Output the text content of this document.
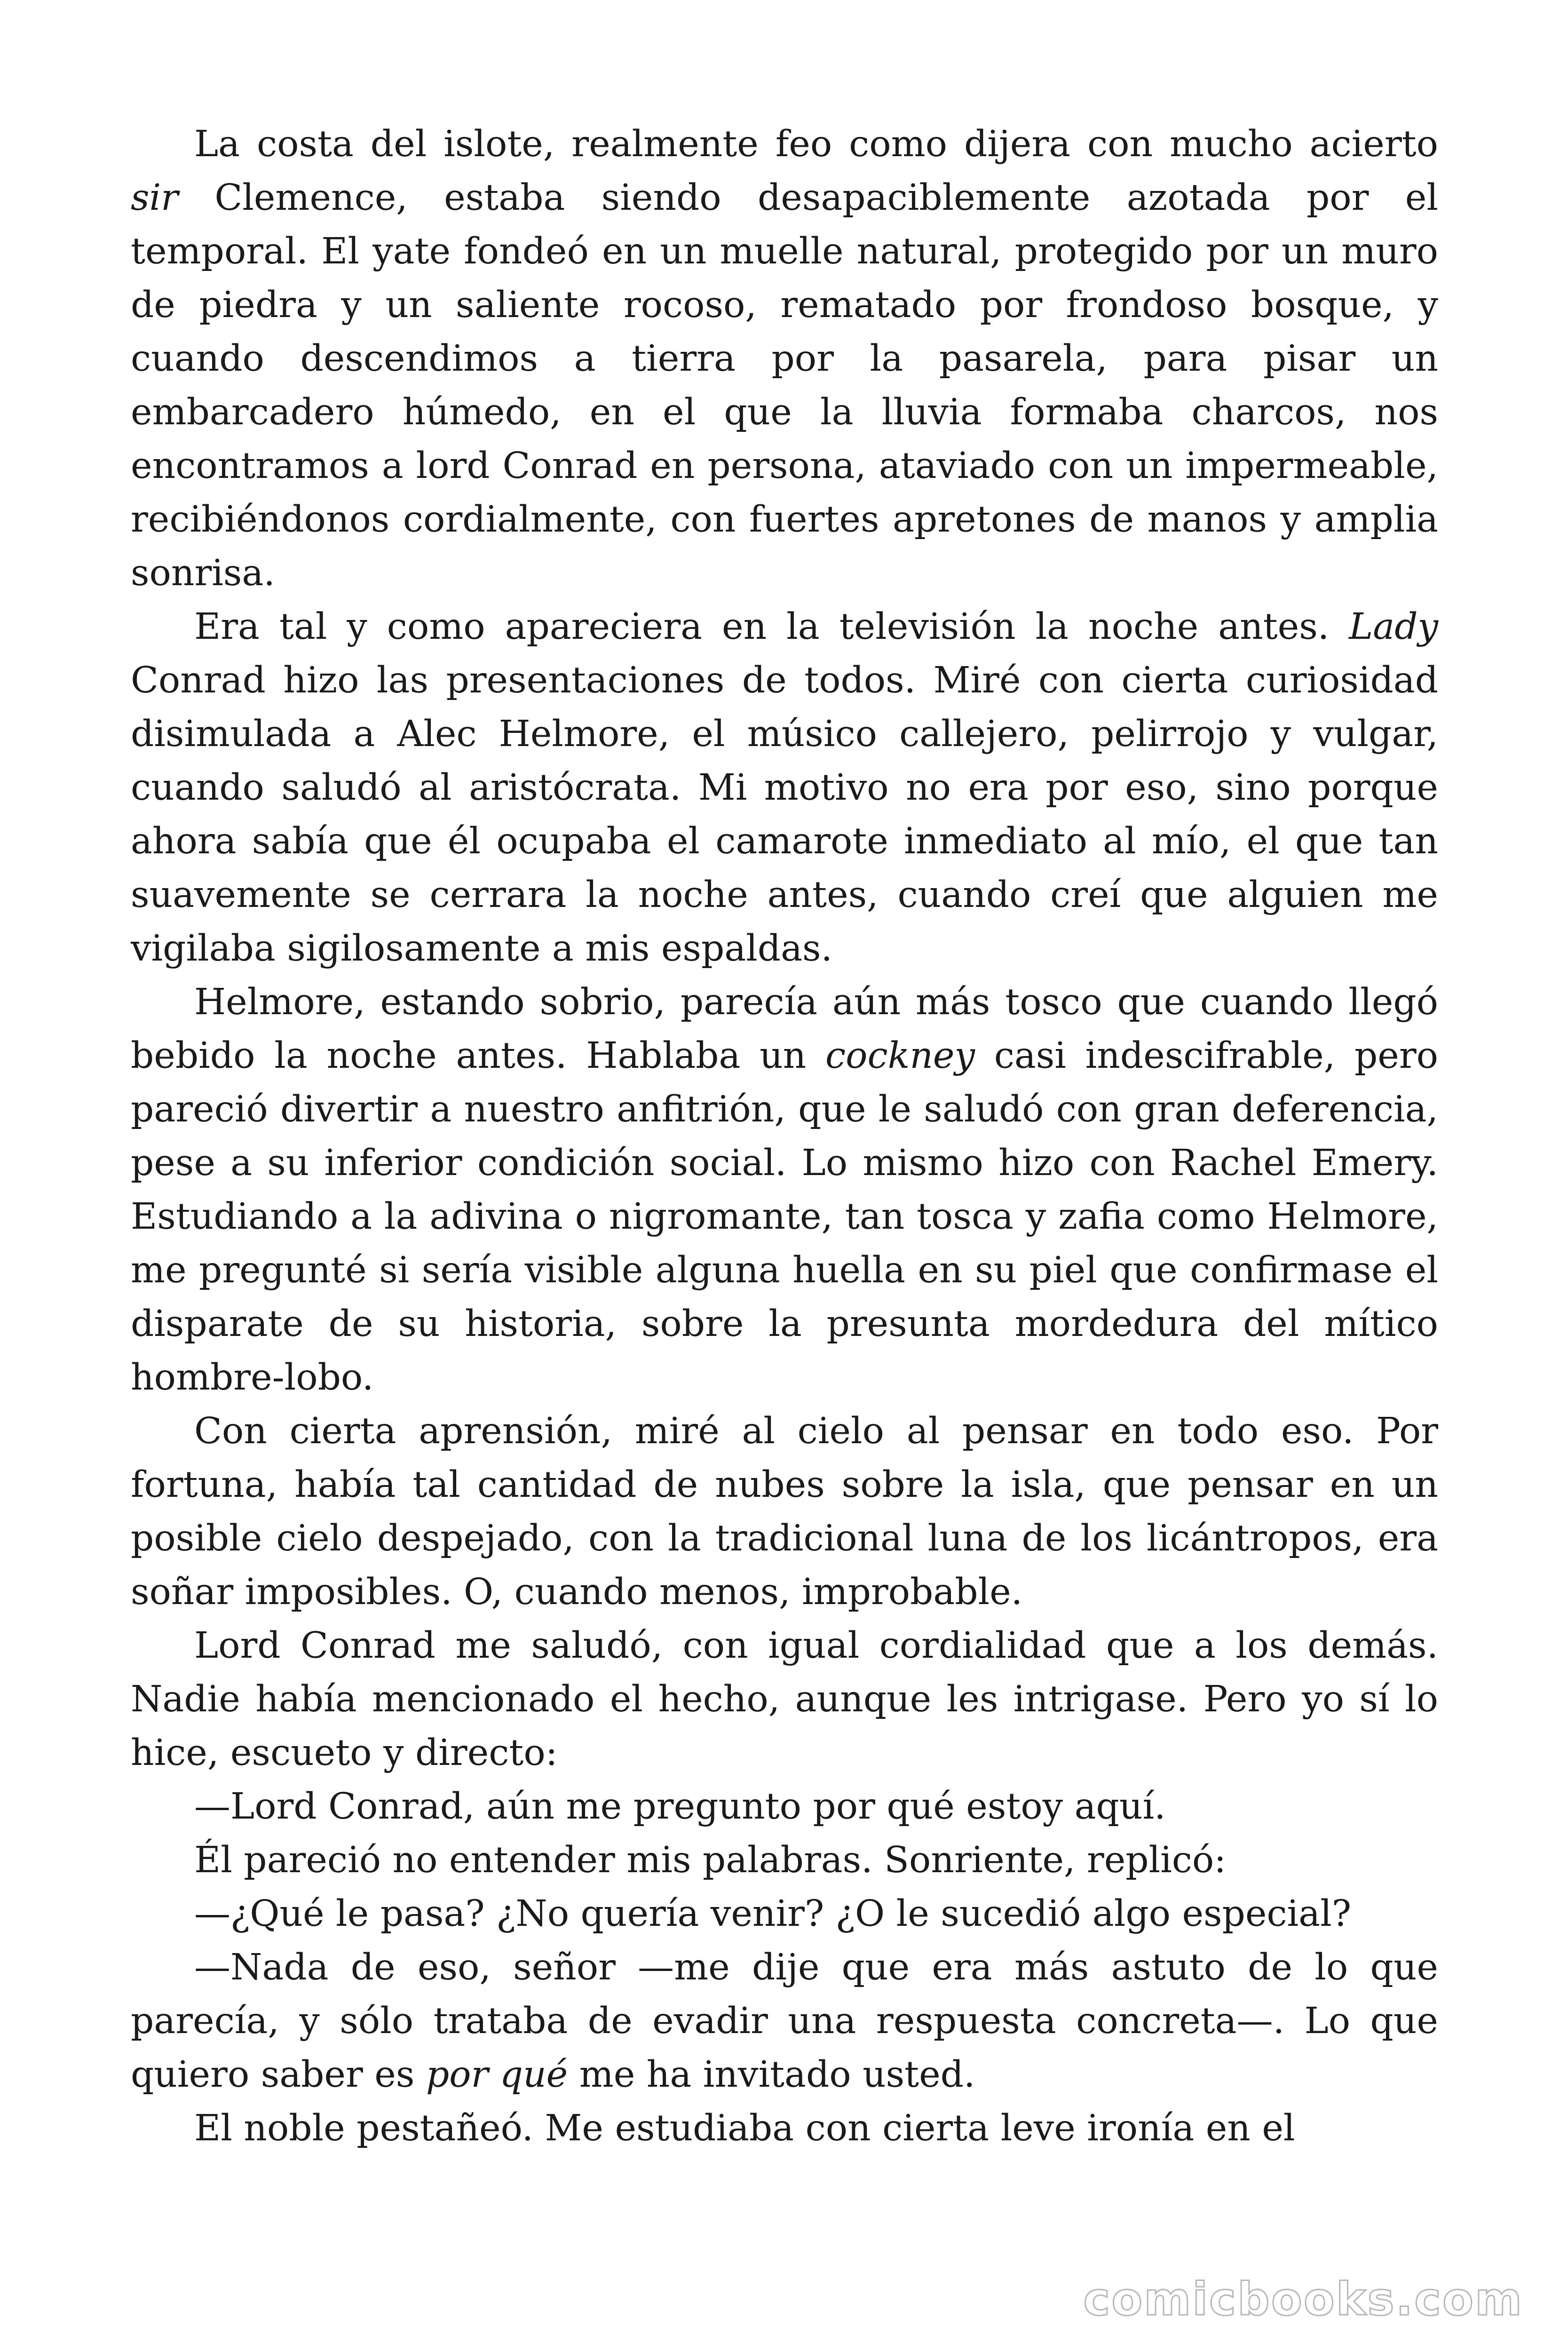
La costa del islote, realmente feo como dijera con mucho acierto sir Clemence, estaba siendo desapaciblemente azotada por el temporal. El yate fondeó en un muelle natural, protegido por un muro de piedra y un saliente rocoso, rematado por frondoso bosque, y cuando descendimos a tierra por la pasarela, para pisar un embarcadero húmedo, en el que la lluvia formaba charcos, nos encontramos a lord Conrad en persona, ataviado con un impermeable, recibiéndonos cordialmente, con fuertes apretones de manos y amplia sonrisa.

Era tal y como apareciera en la televisión la noche antes. Lady Conrad hizo las presentaciones de todos. Miré con cierta curiosidad disimulada a Alec Helmore, el músico callejero, pelirrojo y vulgar, cuando saludó al aristócrata. Mi motivo no era por eso, sino porque ahora sabía que él ocupaba el camarote inmediato al mío, el que tan suavemente se cerrara la noche antes, cuando creí que alguien me vigilaba sigilosamente a mis espaldas.

Helmore, estando sobrio, parecía aún más tosco que cuando llegó bebido la noche antes. Hablaba un cockney casi indescifrable, pero pareció divertir a nuestro anfitrión, que le saludó con gran deferencia, pese a su inferior condición social. Lo mismo hizo con Rachel Emery. Estudiando a la adivina o nigromante, tan tosca y zafia como Helmore, me pregunté si sería visible alguna huella en su piel que confirmase el disparate de su historia, sobre la presunta mordedura del mítico hombre-lobo.

Con cierta aprensión, miré al cielo al pensar en todo eso. Por fortuna, había tal cantidad de nubes sobre la isla, que pensar en un posible cielo despejado, con la tradicional luna de los licántropos, era soñar imposibles. O, cuando menos, improbable.

Lord Conrad me saludó, con igual cordialidad que a los demás. Nadie había mencionado el hecho, aunque les intrigase. Pero yo sí lo hice, escueto y directo:

—Lord Conrad, aún me pregunto por qué estoy aquí.

Él pareció no entender mis palabras. Sonriente, replicó:

—¿Qué le pasa? ¿No quería venir? ¿O le sucedió algo especial?

—Nada de eso, señor —me dije que era más astuto de lo que parecía, y sólo trataba de evadir una respuesta concreta—. Lo que quiero saber es por qué me ha invitado usted.

El noble pestañeó. Me estudiaba con cierta leve ironía en el

comicbooks.com
